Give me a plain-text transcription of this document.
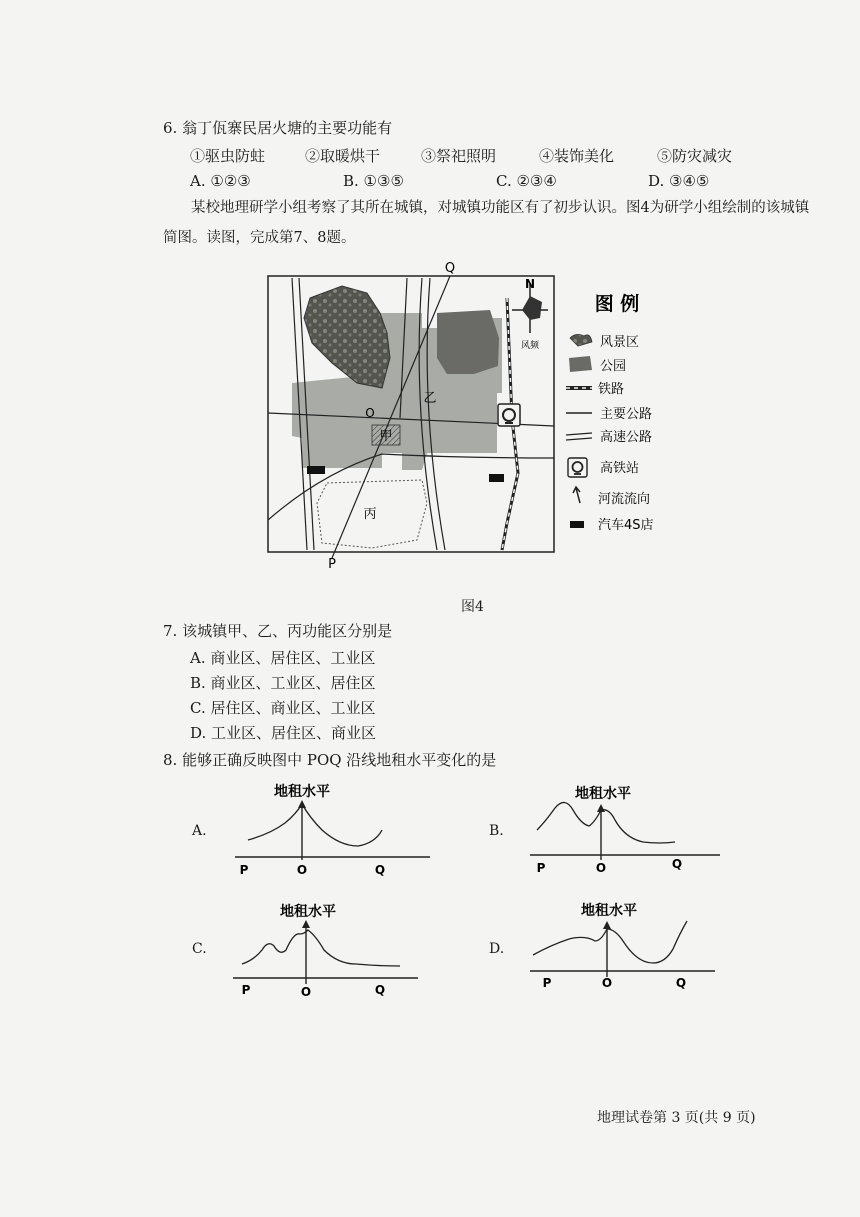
6. 翁丁佤寨民居火塘的主要功能有
①驱虫防蛀	②取暖烘干	③祭祀照明	④装饰美化	⑤防灾减灾
A. ①②③	B. ①③⑤	C. ②③④	D. ③④⑤
某校地理研学小组考察了其所在城镇，对城镇功能区有了初步认识。图4为研学小组绘制的该城镇简图。读图，完成第7、8题。
N
风频
Q
P
O
甲
乙
丙
图 例
风景区
公园
铁路
主要公路
高速公路
高铁站
河流流向
汽车4S店
图4
7. 该城镇甲、乙、丙功能区分别是
A. 商业区、居住区、工业区
B. 商业区、工业区、居住区
C. 居住区、商业区、工业区
D. 工业区、居住区、商业区
8. 能够正确反映图中 POQ 沿线地租水平变化的是
A.
地租水平
P	O	Q
B.
地租水平
P	O	Q
C.
地租水平
P	O	Q
D.
地租水平
P	O	Q
地理试卷第 3 页(共 9 页)
